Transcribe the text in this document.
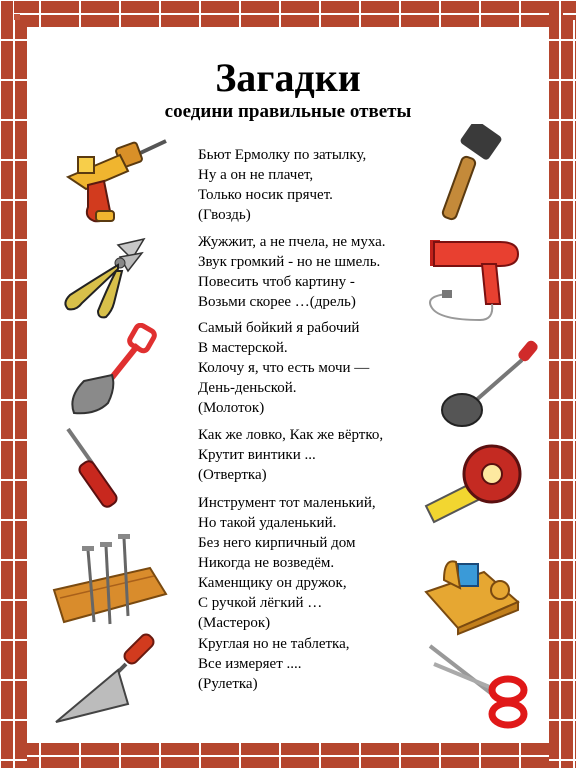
Загадки
соедини правильные ответы
Бьют Ермолку по затылку,
Ну а он не плачет,
Только носик прячет.
(Гвоздь)
Жужжит, а не пчела, не муха.
Звук громкий ‑ но не шмель.
Повесить чтоб картину ‑
Возьми скорее …(дрель)
Самый бойкий я рабочий
В мастерской.
Колочу я, что есть мочи —
День‑деньской.
(Молоток)
Как же ловко, Как же вёртко,
Крутит винтики ...
(Отвертка)
Инструмент тот маленький,
Но такой удаленький.
Без него кирпичный дом
Никогда не возведём.
Каменщику он дружок,
С ручкой лёгкий …
(Мастерок)
Круглая но не таблетка,
Все измеряет ....
(Рулетка)
